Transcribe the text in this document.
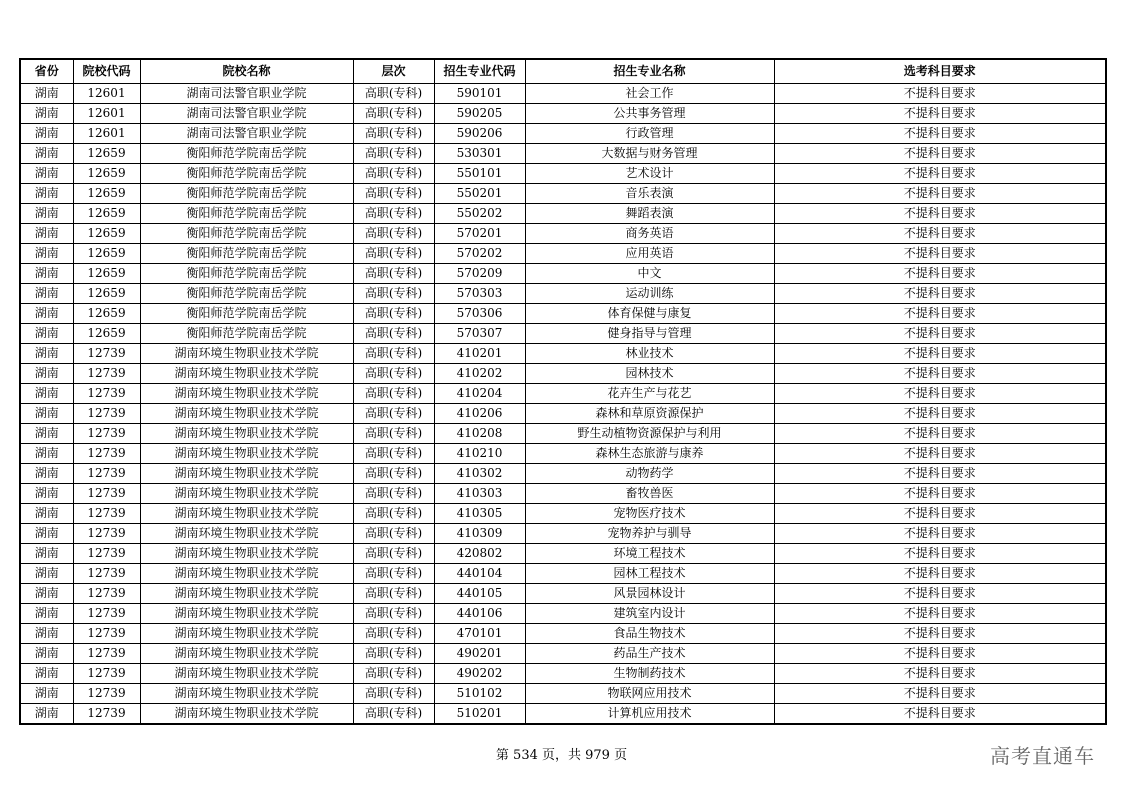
省份	院校代码	院校名称	层次	招生专业代码	招生专业名称	选考科目要求
湖南	12601	湖南司法警官职业学院	高职(专科)	590101	社会工作	不提科目要求
湖南	12601	湖南司法警官职业学院	高职(专科)	590205	公共事务管理	不提科目要求
湖南	12601	湖南司法警官职业学院	高职(专科)	590206	行政管理	不提科目要求
湖南	12659	衡阳师范学院南岳学院	高职(专科)	530301	大数据与财务管理	不提科目要求
湖南	12659	衡阳师范学院南岳学院	高职(专科)	550101	艺术设计	不提科目要求
湖南	12659	衡阳师范学院南岳学院	高职(专科)	550201	音乐表演	不提科目要求
湖南	12659	衡阳师范学院南岳学院	高职(专科)	550202	舞蹈表演	不提科目要求
湖南	12659	衡阳师范学院南岳学院	高职(专科)	570201	商务英语	不提科目要求
湖南	12659	衡阳师范学院南岳学院	高职(专科)	570202	应用英语	不提科目要求
湖南	12659	衡阳师范学院南岳学院	高职(专科)	570209	中文	不提科目要求
湖南	12659	衡阳师范学院南岳学院	高职(专科)	570303	运动训练	不提科目要求
湖南	12659	衡阳师范学院南岳学院	高职(专科)	570306	体育保健与康复	不提科目要求
湖南	12659	衡阳师范学院南岳学院	高职(专科)	570307	健身指导与管理	不提科目要求
湖南	12739	湖南环境生物职业技术学院	高职(专科)	410201	林业技术	不提科目要求
湖南	12739	湖南环境生物职业技术学院	高职(专科)	410202	园林技术	不提科目要求
湖南	12739	湖南环境生物职业技术学院	高职(专科)	410204	花卉生产与花艺	不提科目要求
湖南	12739	湖南环境生物职业技术学院	高职(专科)	410206	森林和草原资源保护	不提科目要求
湖南	12739	湖南环境生物职业技术学院	高职(专科)	410208	野生动植物资源保护与利用	不提科目要求
湖南	12739	湖南环境生物职业技术学院	高职(专科)	410210	森林生态旅游与康养	不提科目要求
湖南	12739	湖南环境生物职业技术学院	高职(专科)	410302	动物药学	不提科目要求
湖南	12739	湖南环境生物职业技术学院	高职(专科)	410303	畜牧兽医	不提科目要求
湖南	12739	湖南环境生物职业技术学院	高职(专科)	410305	宠物医疗技术	不提科目要求
湖南	12739	湖南环境生物职业技术学院	高职(专科)	410309	宠物养护与驯导	不提科目要求
湖南	12739	湖南环境生物职业技术学院	高职(专科)	420802	环境工程技术	不提科目要求
湖南	12739	湖南环境生物职业技术学院	高职(专科)	440104	园林工程技术	不提科目要求
湖南	12739	湖南环境生物职业技术学院	高职(专科)	440105	风景园林设计	不提科目要求
湖南	12739	湖南环境生物职业技术学院	高职(专科)	440106	建筑室内设计	不提科目要求
湖南	12739	湖南环境生物职业技术学院	高职(专科)	470101	食品生物技术	不提科目要求
湖南	12739	湖南环境生物职业技术学院	高职(专科)	490201	药品生产技术	不提科目要求
湖南	12739	湖南环境生物职业技术学院	高职(专科)	490202	生物制药技术	不提科目要求
湖南	12739	湖南环境生物职业技术学院	高职(专科)	510102	物联网应用技术	不提科目要求
湖南	12739	湖南环境生物职业技术学院	高职(专科)	510201	计算机应用技术	不提科目要求
第 534 页，共 979 页	高考直通车
